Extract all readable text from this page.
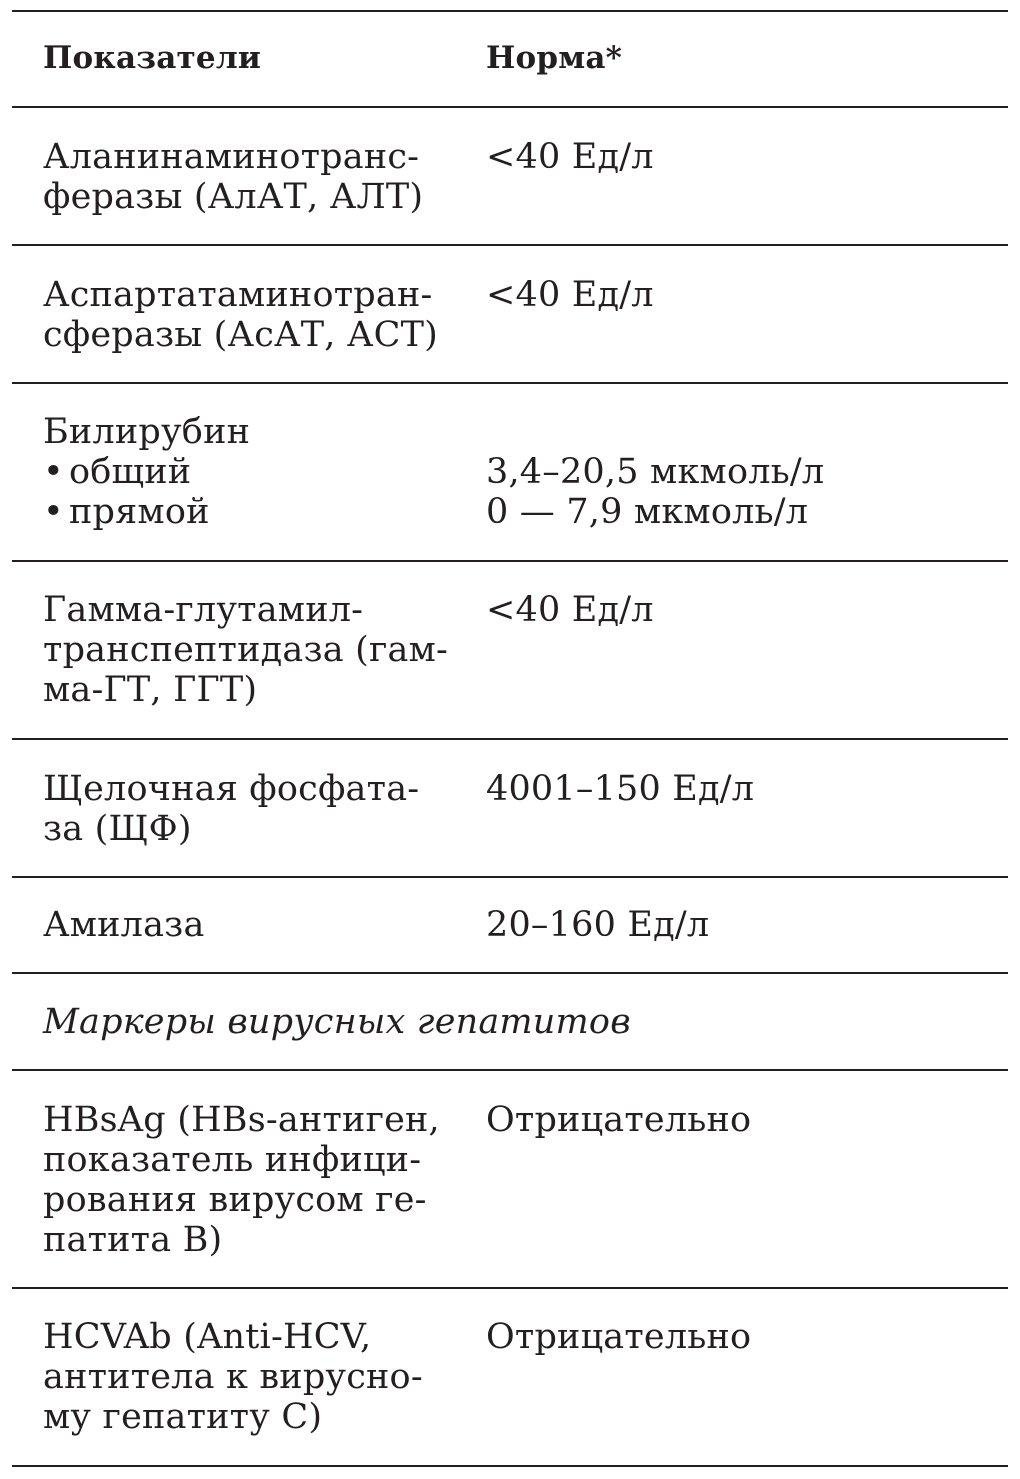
Показатели	Норма*
Аланинаминотранс-
феразы (АлАТ, АЛТ)
<40 Ед/л
Аспартатаминотран-
сферазы (АсАТ, АСТ)
<40 Ед/л
Билирубин
• общий
• прямой
3,4–20,5 мкмоль/л
0 — 7,9 мкмоль/л
Гамма-глутамил-
транспептидаза (гам-
ма-ГТ, ГГТ)
<40 Ед/л
Щелочная фосфата-
за (ЩФ)
4001–150 Ед/л
Амилаза	20–160 Ед/л
Маркеры вирусных гепатитов
HBsAg (HBs-антиген,
показатель инфици-
рования вирусом ге-
патита В)
Отрицательно
HCVAb (Anti-HCV,
антитела к вирусно-
му гепатиту С)
Отрицательно
